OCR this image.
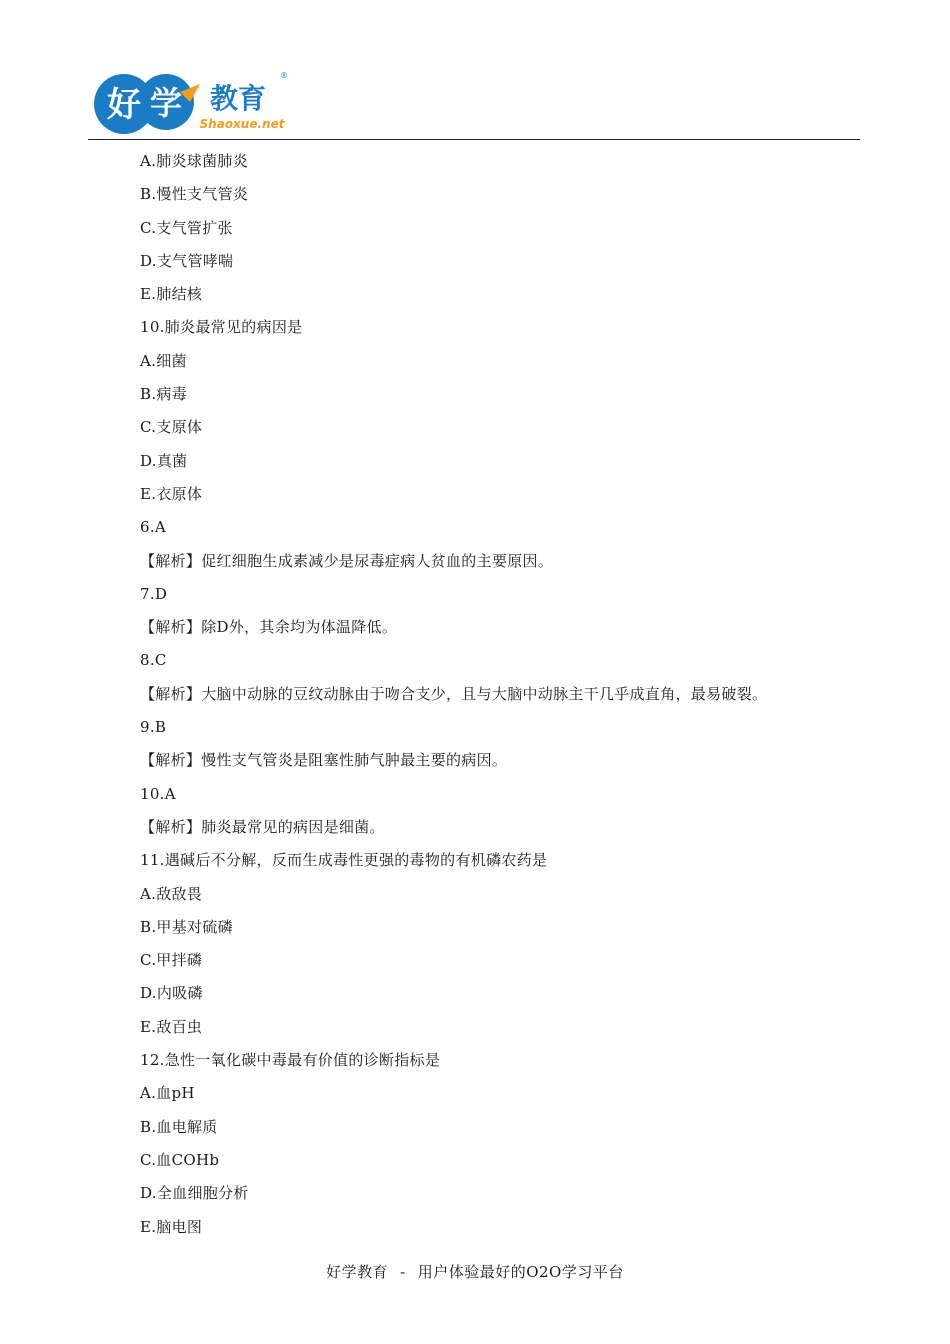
好 学 教育
Shaoxue.net
®
A.肺炎球菌肺炎
B.慢性支气管炎
C.支气管扩张
D.支气管哮喘
E.肺结核
10.肺炎最常见的病因是
A.细菌
B.病毒
C.支原体
D.真菌
E.衣原体
6.A
【解析】促红细胞生成素减少是尿毒症病人贫血的主要原因。
7.D
【解析】除D外，其余均为体温降低。
8.C
【解析】大脑中动脉的豆纹动脉由于吻合支少，且与大脑中动脉主干几乎成直角，最易破裂。
9.B
【解析】慢性支气管炎是阻塞性肺气肿最主要的病因。
10.A
【解析】肺炎最常见的病因是细菌。
11.遇碱后不分解，反而生成毒性更强的毒物的有机磷农药是
A.敌敌畏
B.甲基对硫磷
C.甲拌磷
D.内吸磷
E.敌百虫
12.急性一氧化碳中毒最有价值的诊断指标是
A.血pH
B.血电解质
C.血COHb
D.全血细胞分析
E.脑电图
好学教育 - 用户体验最好的O2O学习平台
